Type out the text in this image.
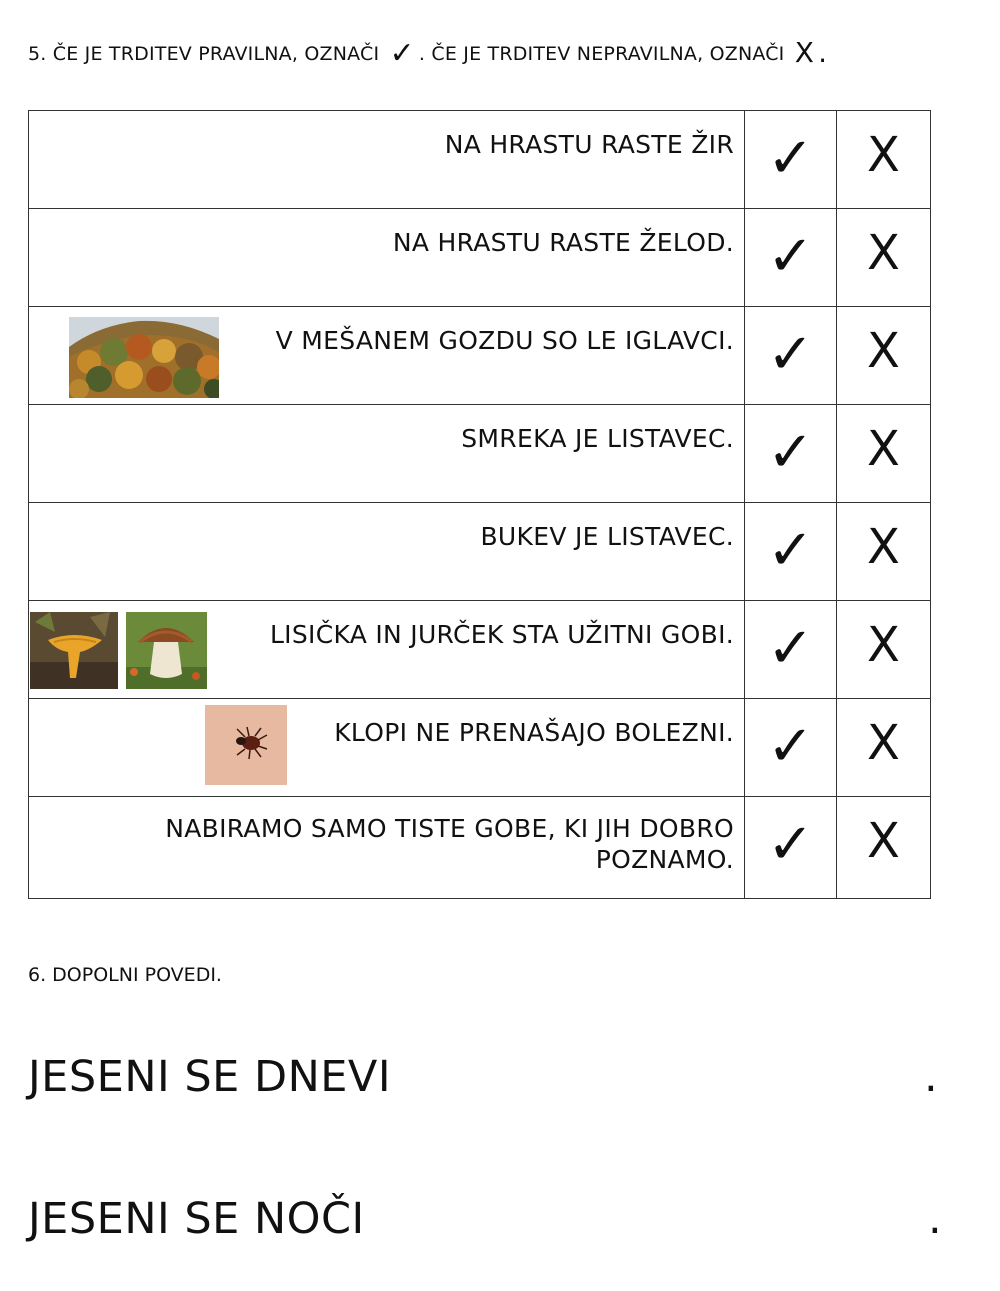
5. ČE JE TRDITEV PRAVILNA, OZNAČI ✓ . ČE JE TRDITEV NEPRAVILNA, OZNAČI X .
NA HRASTU RASTE ŽIR	✓	X

NA HRASTU RASTE ŽELOD.	✓	X

V MEŠANEM GOZDU SO LE IGLAVCI.	✓	X

SMREKA JE LISTAVEC.	✓	X

BUKEV JE LISTAVEC.	✓	X

LISIČKA IN JURČEK STA UŽITNI GOBI.	✓	X

KLOPI NE PRENAŠAJO BOLEZNI.	✓	X

NABIRAMO SAMO TISTE GOBE, KI JIH DOBRO POZNAMO.	✓	X
6. DOPOLNI POVEDI.
JESENI SE DNEVI	.
JESENI SE NOČI	.
